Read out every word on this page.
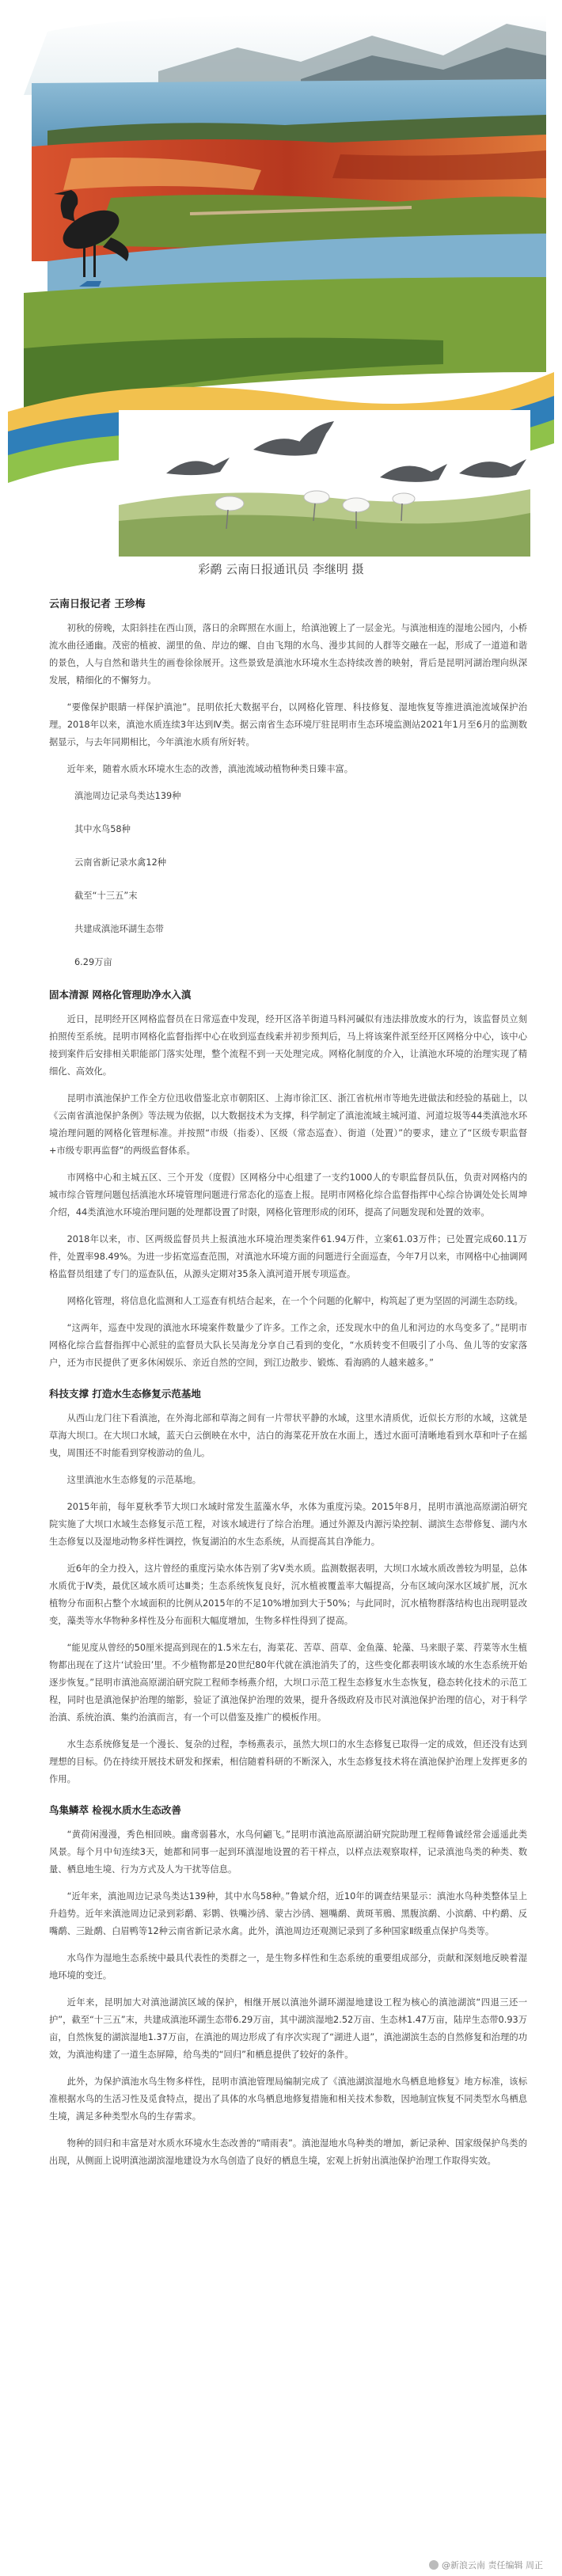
彩鹬 云南日报通讯员 李继明 摄
云南日报记者 王珍梅
初秋的傍晚，太阳斜挂在西山顶，落日的余晖照在水面上，给滇池镀上了一层金光。与滇池相连的湿地公园内，小桥流水曲径通幽。茂密的植被、湖里的鱼、岸边的螺、自由飞翔的水鸟、漫步其间的人群等交融在一起，形成了一道道和谐的景色，人与自然和谐共生的画卷徐徐展开。这些景致是滇池水环境水生态持续改善的映射，背后是昆明河湖治理向纵深发展，精细化的不懈努力。
“要像保护眼睛一样保护滇池”。昆明依托大数据平台，以网格化管理、科技修复、湿地恢复等推进滇池流域保护治理。2018年以来，滇池水质连续3年达到Ⅳ类。据云南省生态环境厅驻昆明市生态环境监测站2021年1月至6月的监测数据显示，与去年同期相比，今年滇池水质有所好转。
近年来，随着水质水环境水生态的改善，滇池流域动植物种类日臻丰富。
滇池周边记录鸟类达139种
其中水鸟58种
云南省新记录水禽12种
截至“十三五”末
共建成滇池环湖生态带
6.29万亩
固本清源 网格化管理助净水入滇
近日，昆明经开区网格监督员在日常巡查中发现，经开区洛羊街道马料河碱似有违法排放废水的行为，该监督员立刻拍照传至系统。昆明市网格化监督指挥中心在收到巡查线索并初步预判后，马上将该案件派至经开区网格分中心，该中心接到案件后安排相关职能部门落实处理，整个流程不到一天处理完成。网格化制度的介入，让滇池水环境的治理实现了精细化、高效化。
昆明市滇池保护工作全方位迅收借鉴北京市朝阳区、上海市徐汇区、浙江省杭州市等地先进做法和经验的基础上，以《云南省滇池保护条例》等法规为依据，以大数据技术为支撑，科学制定了滇池流域主城河道、河道垃圾等44类滇池水环境治理问题的网格化管理标准。并按照“市级（指委）、区级（常态巡查）、街道（处置）”的要求，建立了“区级专职监督+市级专职再监督”的两级监督体系。
市网格中心和主城五区、三个开发（度假）区网格分中心组建了一支约1000人的专职监督员队伍，负责对网格内的城市综合管理问题包括滇池水环境管理问题进行常态化的巡查上报。昆明市网格化综合监督指挥中心综合协调处处长周坤介绍，44类滇池水环境治理问题的处理都设置了时限，网格化管理形成的闭环，提高了问题发现和处置的效率。
2018年以来，市、区两级监督员共上报滇池水环境治理类案件61.94万件，立案61.03万件；已处置完成60.11万件，处置率98.49%。为进一步拓宽巡查范围，对滇池水环境方面的问题进行全面巡查，今年7月以来，市网格中心抽调网格监督员组建了专门的巡查队伍，从源头定期对35条入滇河道开展专项巡查。
网格化管理，将信息化监测和人工巡查有机结合起来，在一个个问题的化解中，构筑起了更为坚固的河湖生态防线。
“这两年，巡查中发现的滇池水环境案件数量少了许多。工作之余，还发现水中的鱼儿和河边的水鸟变多了。”昆明市网格化综合监督指挥中心派驻的监督员大队长吴海龙分享自己看到的变化，“水质转变不但吸引了小鸟、鱼儿等的安家落户，还为市民提供了更多休闲娱乐、亲近自然的空间，到江边散步、锻炼、看海鸥的人越来越多。”
科技支撑 打造水生态修复示范基地
从西山龙门往下看滇池，在外海北部和草海之间有一片带状平静的水域，这里水清质优，近似长方形的水域，这就是草海大坝口。在大坝口水域，蓝天白云倒映在水中，洁白的海菜花开放在水面上，透过水面可清晰地看到水草和叶子在摇曳，周围还不时能看到穿梭游动的鱼儿。
这里滇池水生态修复的示范基地。
2015年前，每年夏秋季节大坝口水域时常发生蓝藻水华，水体为重度污染。2015年8月，昆明市滇池高原湖泊研究院实施了大坝口水域生态修复示范工程，对该水域进行了综合治理。通过外源及内源污染控制、湖滨生态带修复、湖内水生态修复以及湿地动物多样性调控，恢复湖泊的水生态系统，从而提高其自净能力。
近6年的全力投入，这片曾经的重度污染水体告别了劣Ⅴ类水质。监测数据表明，大坝口水域水质改善较为明显，总体水质优于Ⅳ类，最优区域水质可达Ⅲ类；生态系统恢复良好，沉水植被覆盖率大幅提高，分布区域向深水区域扩展，沉水植物分布面积占整个水域面积的比例从2015年的不足10%增加到大于50%；与此同时，沉水植物群落结构也出现明显改变，藻类等水华物种多样性及分布面积大幅度增加，生物多样性得到了提高。
“能见度从曾经的50厘米提高到现在的1.5米左右，海菜花、苦草、茴草、金鱼藻、轮藻、马来眼子菜、荇菜等水生植物都出现在了这片‘试验田’里。不少植物都是20世纪80年代就在滇池消失了的，这些变化都表明该水域的水生态系统开始逐步恢复。”昆明市滇池高原湖泊研究院工程师李杨燕介绍，大坝口示范工程生态修复水生态恢复，稳态转化技术的示范工程，同时也是滇池保护治理的缩影，验证了滇池保护治理的效果，提升各级政府及市民对滇池保护治理的信心，对于科学治滇、系统治滇、集约治滇而言，有一个可以借鉴及推广的模板作用。
水生态系统修复是一个漫长、复杂的过程，李杨燕表示，虽然大坝口的水生态修复已取得一定的成效，但还没有达到理想的目标。仍在持续开展技术研发和探索，相信随着科研的不断深入，水生态修复技术将在滇池保护治理上发挥更多的作用。
鸟集鳞萃 检视水质水生态改善
“黄荷闲漫漫，秀色相回映。幽鸢弱暮水，水鸟何翩飞。”昆明市滇池高原湖泊研究院助理工程师鲁诚经常会遥遥此类风景。每个月中旬连续3天，她都和同事一起到环滇湿地设置的若干样点，以样点法观察取样，记录滇池鸟类的种类、数量、栖息地生境、行为方式及人为干扰等信息。
“近年来，滇池周边记录鸟类达139种，其中水鸟58种。”鲁斌介绍，近10年的调查结果显示：滇池水鸟种类整体呈上升趋势。近年来滇池周边记录到彩鹬、彩鹮、铁嘴沙鸻、蒙古沙鸻、翘嘴鹬、黄斑苇鳽、黑腹滨鹬、小滨鹬、中杓鹬、反嘴鹬、三趾鹬、白眉鸭等12种云南省新记录水禽。此外，滇池周边还观测记录到了多种国家Ⅱ级重点保护鸟类等。
水鸟作为湿地生态系统中最具代表性的类群之一，是生物多样性和生态系统的重要组成部分，贡献和深刻地反映着湿地环境的变迁。
近年来，昆明加大对滇池湖滨区域的保护，相继开展以滇池外湖环湖湿地建设工程为核心的滇池湖滨“四退三还一护”，截至“十三五”末，共建成滇池环湖生态带6.29万亩，其中湖滨湿地2.52万亩、生态林1.47万亩，陆岸生态带0.93万亩，自然恢复的湖滨湿地1.37万亩，在滇池的周边形成了有序次实现了“湖进人退”，滇池湖滨生态的自然修复和治理的功效，为滇池构建了一道生态屏障，给鸟类的“回归”和栖息提供了较好的条件。
此外，为保护滇池水鸟生物多样性，昆明市滇池管理局编制完成了《滇池湖滨湿地水鸟栖息地修复》地方标准，该标准根据水鸟的生活习性及觅食特点，提出了具体的水鸟栖息地修复措施和相关技术参数，因地制宜恢复不同类型水鸟栖息生境，满足多种类型水鸟的生存需求。
物种的回归和丰富是对水质水环境水生态改善的“晴雨表”。滇池湿地水鸟种类的增加，新记录种、国家级保护鸟类的出现，从侧面上说明滇池湖滨湿地建设为水鸟创造了良好的栖息生境，宏观上折射出滇池保护治理工作取得实效。
@新浪云南 责任编辑 周正
